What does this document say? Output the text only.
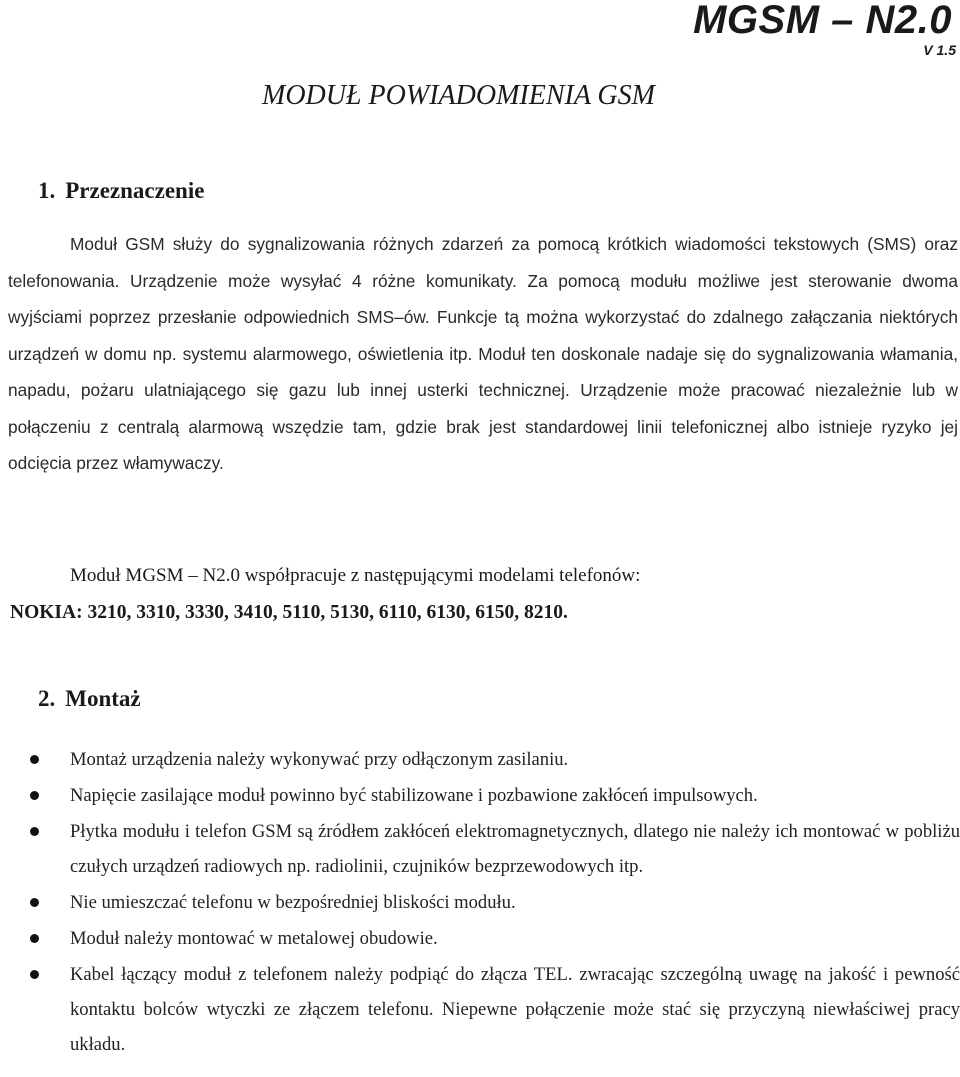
MGSM – N2.0
V 1.5
MODUŁ POWIADOMIENIA GSM
1. Przeznaczenie

Moduł GSM służy do sygnalizowania różnych zdarzeń za pomocą krótkich wiadomości tekstowych (SMS) oraz telefonowania. Urządzenie może wysyłać 4 różne komunikaty. Za pomocą modułu możliwe jest sterowanie dwoma wyjściami poprzez przesłanie odpowiednich SMS–ów. Funkcje tą można wykorzystać do zdalnego załączania niektórych urządzeń w domu np. systemu alarmowego, oświetlenia itp. Moduł ten doskonale nadaje się do sygnalizowania włamania, napadu, pożaru ulatniającego się gazu lub innej usterki technicznej. Urządzenie może pracować niezależnie lub w połączeniu z centralą alarmową wszędzie tam, gdzie brak jest standardowej linii telefonicznej albo istnieje ryzyko jej odcięcia przez włamywaczy.

Moduł MGSM – N2.0 współpracuje z następującymi modelami telefonów:

NOKIA: 3210, 3310, 3330, 3410, 5110, 5130, 6110, 6130, 6150, 8210.

2. Montaż
Montaż urządzenia należy wykonywać przy odłączonym zasilaniu.
Napięcie zasilające moduł powinno być stabilizowane i pozbawione zakłóceń impulsowych.
Płytka modułu i telefon GSM są źródłem zakłóceń elektromagnetycznych, dlatego nie należy ich montować w pobliżu czułych urządzeń radiowych np. radiolinii, czujników bezprzewodowych itp.
Nie umieszczać telefonu w bezpośredniej bliskości modułu.
Moduł należy montować w metalowej obudowie.
Kabel łączący moduł z telefonem należy podpiąć do złącza TEL. zwracając szczególną uwagę na jakość i pewność kontaktu bolców wtyczki ze złączem telefonu. Niepewne połączenie może stać się przyczyną niewłaściwej pracy układu.
